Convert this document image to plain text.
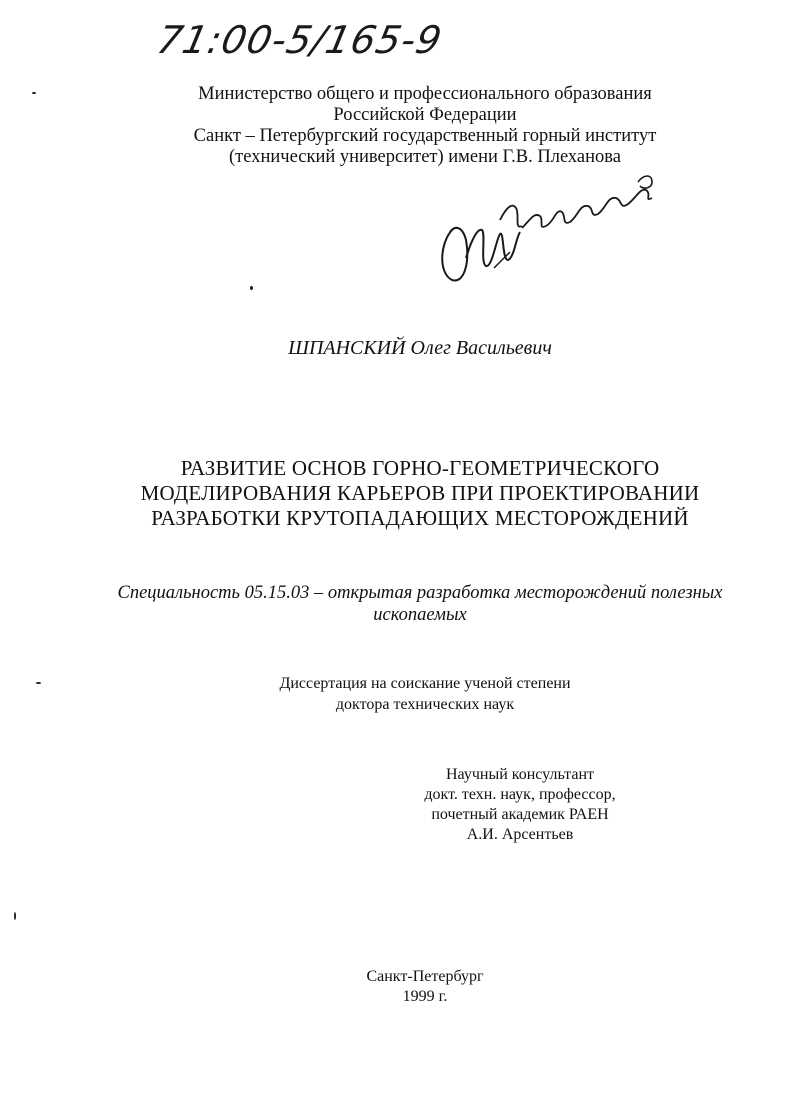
71:00-5/165-9
Министерство общего и профессионального образования
Российской Федерации
Санкт – Петербургский государственный горный институт
(технический университет) имени Г.В. Плеханова
ШПАНСКИЙ Олег Васильевич
РАЗВИТИЕ ОСНОВ ГОРНО-ГЕОМЕТРИЧЕСКОГО
МОДЕЛИРОВАНИЯ КАРЬЕРОВ ПРИ ПРОЕКТИРОВАНИИ
РАЗРАБОТКИ КРУТОПАДАЮЩИХ МЕСТОРОЖДЕНИЙ
Специальность 05.15.03 – открытая разработка месторождений полезных
ископаемых
Диссертация на соискание ученой степени
доктора технических наук
Научный консультант
докт. техн. наук, профессор,
почетный академик РАЕН
А.И. Арсентьев
Санкт-Петербург
1999 г.
